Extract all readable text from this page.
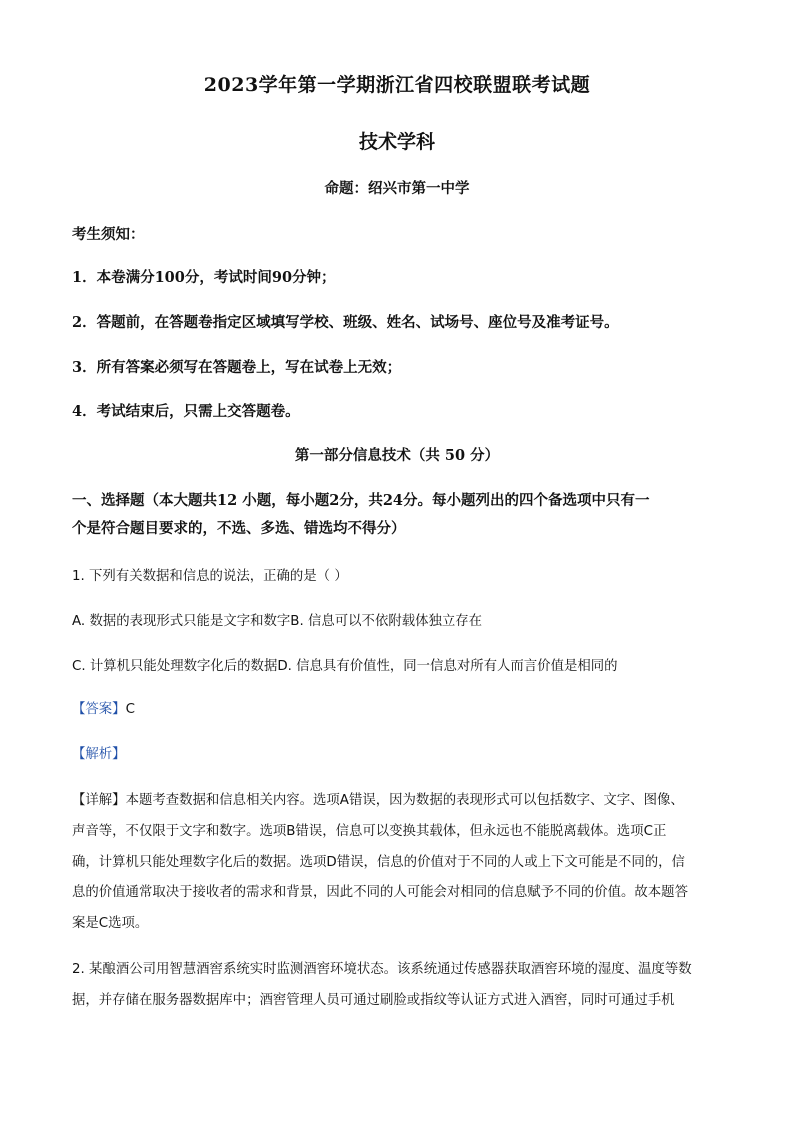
2023学年第一学期浙江省四校联盟联考试题
技术学科
命题：绍兴市第一中学
考生须知：
1．本卷满分100分，考试时间90分钟；
2．答题前，在答题卷指定区域填写学校、班级、姓名、试场号、座位号及准考证号。
3．所有答案必须写在答题卷上，写在试卷上无效；
4．考试结束后，只需上交答题卷。
第一部分信息技术（共 50 分）
一、选择题（本大题共12 小题，每小题2分，共24分。每小题列出的四个备选项中只有一
个是符合题目要求的，不选、多选、错选均不得分）
1. 下列有关数据和信息的说法，正确的是（ ）
A. 数据的表现形式只能是文字和数字B. 信息可以不依附载体独立存在
C. 计算机只能处理数字化后的数据D. 信息具有价值性，同一信息对所有人而言价值是相同的
【答案】C
【解析】
【详解】本题考查数据和信息相关内容。选项A错误，因为数据的表现形式可以包括数字、文字、图像、
声音等，不仅限于文字和数字。选项B错误，信息可以变换其载体，但永远也不能脱离载体。选项C正
确，计算机只能处理数字化后的数据。选项D错误，信息的价值对于不同的人或上下文可能是不同的，信
息的价值通常取决于接收者的需求和背景，因此不同的人可能会对相同的信息赋予不同的价值。故本题答
案是C选项。
2. 某酿酒公司用智慧酒窖系统实时监测酒窖环境状态。该系统通过传感器获取酒窖环境的湿度、温度等数
据，并存储在服务器数据库中；酒窖管理人员可通过刷脸或指纹等认证方式进入酒窖，同时可通过手机
